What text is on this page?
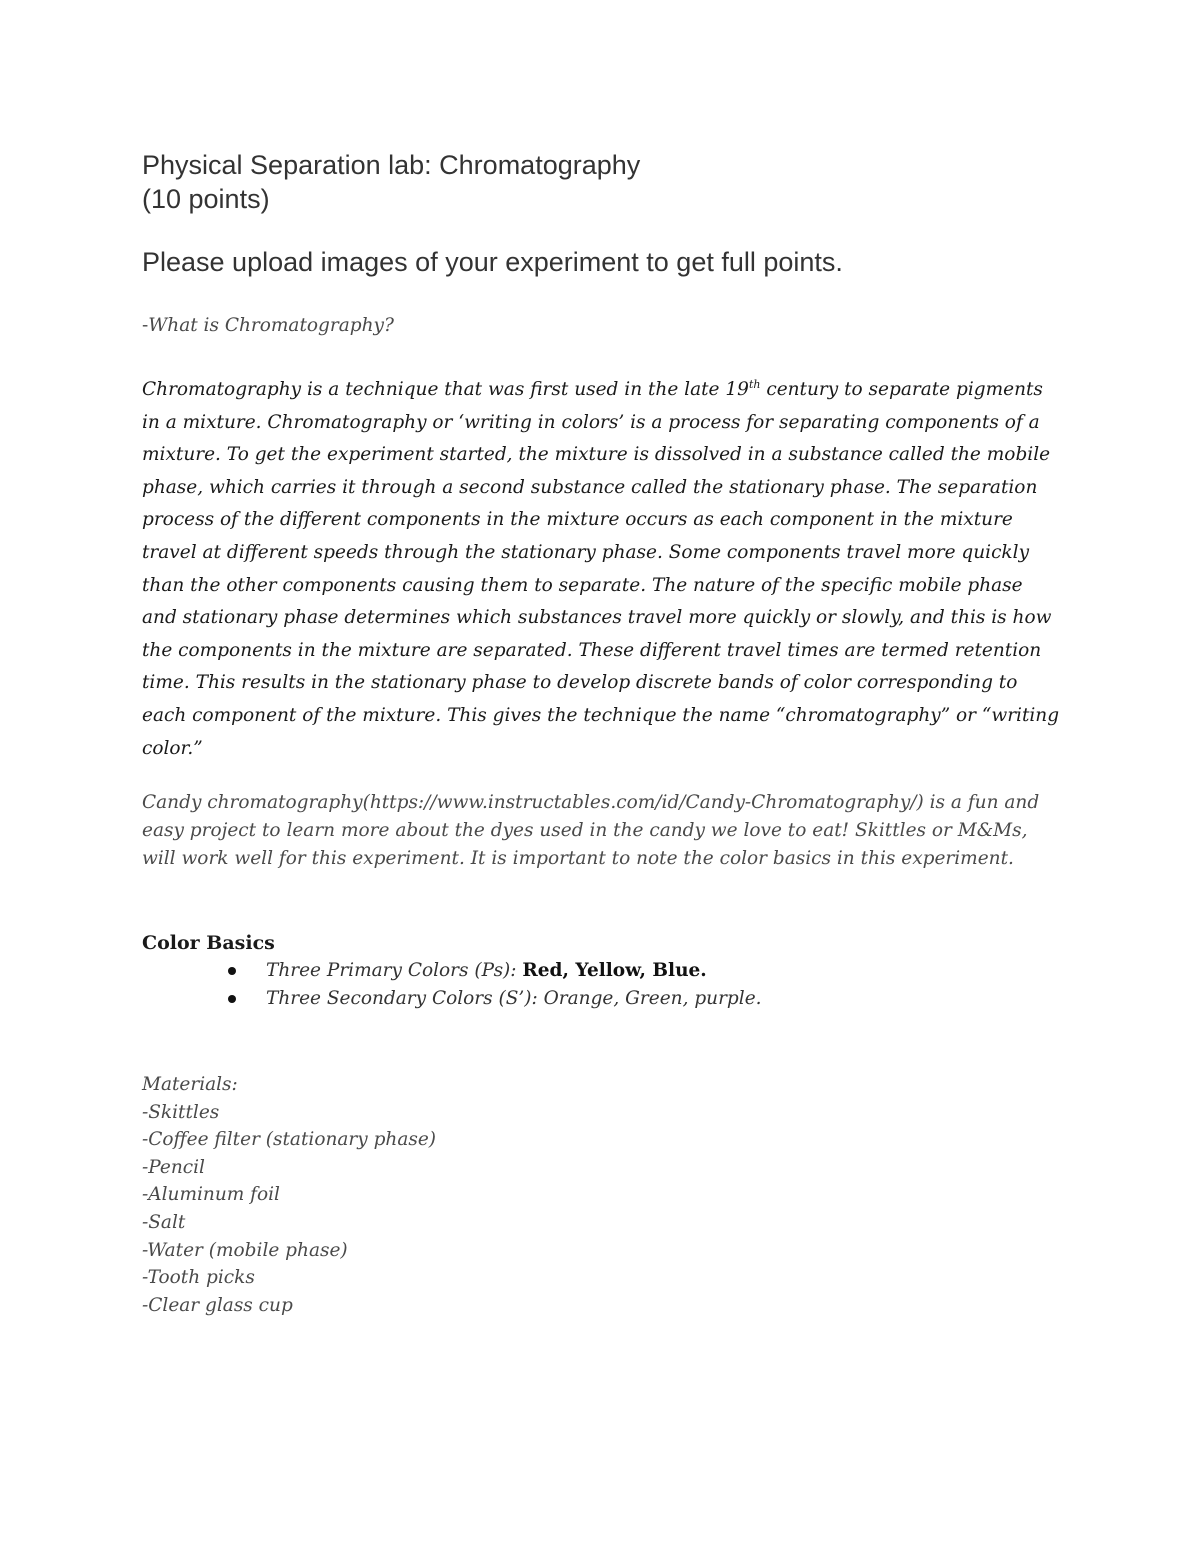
Physical Separation lab: Chromatography
(10 points)
Please upload images of your experiment to get full points.
-What is Chromatography?

Chromatography is a technique that was first used in the late 19th century to separate pigments in a mixture. Chromatography or ‘writing in colors’ is a process for separating components of a mixture. To get the experiment started, the mixture is dissolved in a substance called the mobile phase, which carries it through a second substance called the stationary phase. The separation process of the different components in the mixture occurs as each component in the mixture travel at different speeds through the stationary phase. Some components travel more quickly than the other components causing them to separate. The nature of the specific mobile phase and stationary phase determines which substances travel more quickly or slowly, and this is how the components in the mixture are separated. These different travel times are termed retention time. This results in the stationary phase to develop discrete bands of color corresponding to each component of the mixture. This gives the technique the name “chromatography” or “writing color.”

Candy chromatography(https://www.instructables.com/id/Candy-Chromatography/) is a fun and easy project to learn more about the dyes used in the candy we love to eat! Skittles or M&Ms, will work well for this experiment. It is important to note the color basics in this experiment.

Color Basics
Three Primary Colors (Ps): Red, Yellow, Blue.
Three Secondary Colors (S’): Orange, Green, purple.
Materials:
-Skittles
-Coffee filter (stationary phase)
-Pencil
-Aluminum foil
-Salt
-Water (mobile phase)
-Tooth picks
-Clear glass cup
